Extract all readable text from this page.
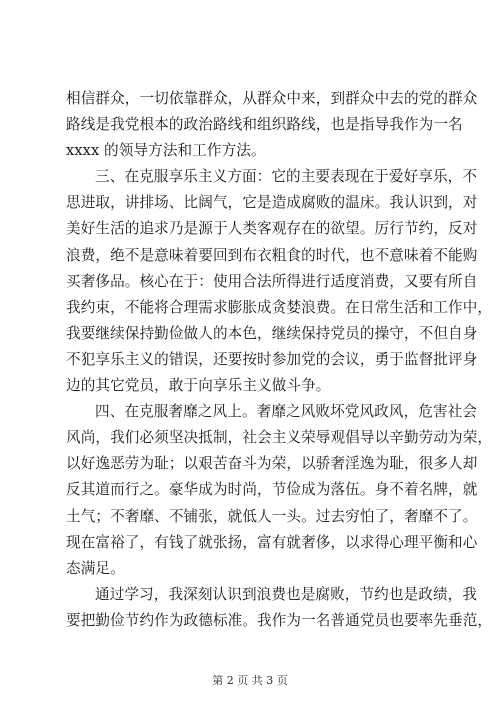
相信群众，一切依靠群众，从群众中来，到群众中去的党的群众
路线是我党根本的政治路线和组织路线，也是指导我作为一名
xxxx 的领导方法和工作方法。
三、在克服享乐主义方面：它的主要表现在于爱好享乐，不
思进取，讲排场、比阔气，它是造成腐败的温床。我认识到，对
美好生活的追求乃是源于人类客观存在的欲望。厉行节约，反对
浪费，绝不是意味着要回到布衣粗食的时代，也不意味着不能购
买奢侈品。核心在于：使用合法所得进行适度消费，又要有所自
我约束，不能将合理需求膨胀成贪婪浪费。在日常生活和工作中，
我要继续保持勤俭做人的本色，继续保持党员的操守，不但自身
不犯享乐主义的错误，还要按时参加党的会议，勇于监督批评身
边的其它党员，敢于向享乐主义做斗争。
四、在克服奢靡之风上。奢靡之风败坏党风政风，危害社会
风尚，我们必须坚决抵制，社会主义荣辱观倡导以辛勤劳动为荣，
以好逸恶劳为耻；以艰苦奋斗为荣，以骄奢淫逸为耻，很多人却
反其道而行之。豪华成为时尚，节俭成为落伍。身不着名牌，就
土气；不奢靡、不铺张，就低人一头。过去穷怕了，奢靡不了。
现在富裕了，有钱了就张扬，富有就奢侈，以求得心理平衡和心
态满足。
通过学习，我深刻认识到浪费也是腐败，节约也是政绩，我
要把勤俭节约作为政德标准。我作为一名普通党员也要率先垂范，
第 2 页 共 3 页
